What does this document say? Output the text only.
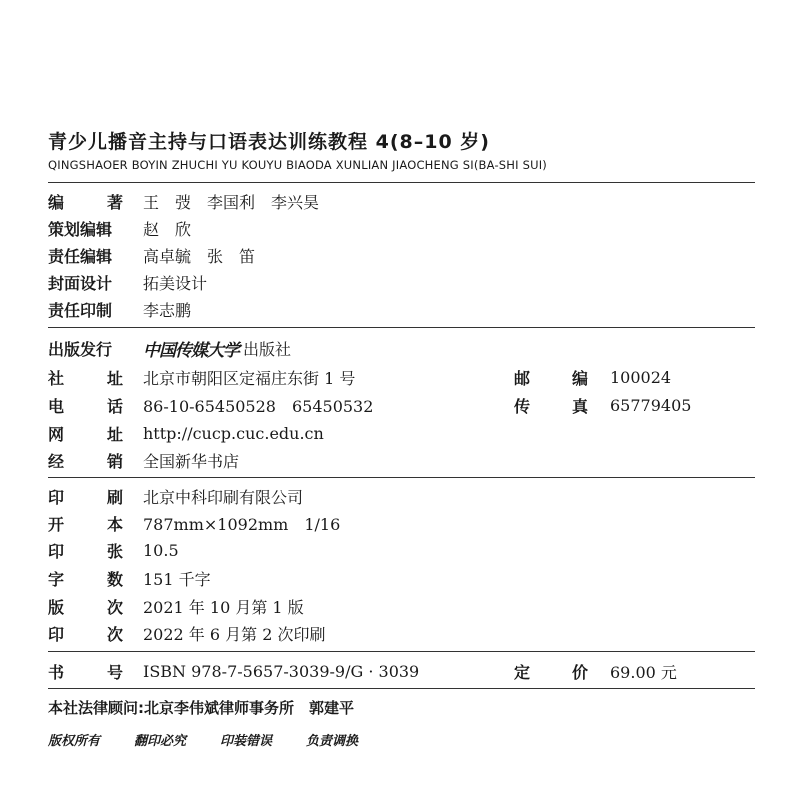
青少儿播音主持与口语表达训练教程 4(8–10 岁)
QINGSHAOER BOYIN ZHUCHI YU KOUYU BIAODA XUNLIAN JIAOCHENG SI(BA-SHI SUI)
编	著 王　弢　李国利　李兴昊
策划编辑	赵　欣
责任编辑	高卓毓　张　笛
封面设计	拓美设计
责任印制	李志鹏
出版发行	中国传媒大学 出版社
社	址 北京市朝阳区定福庄东街 1 号	邮	编 100024
电	话 86-10-65450528　65450532	传	真 65779405
网	址 http://cucp.cuc.edu.cn
经	销 全国新华书店
印	刷 北京中科印刷有限公司
开	本 787mm×1092mm　1/16
印	张 10.5
字	数 151 千字
版	次 2021 年 10 月第 1 版
印	次 2022 年 6 月第 2 次印刷
书	号 ISBN 978-7-5657-3039-9/G · 3039	定	价 69.00 元
本社法律顾问:北京李伟斌律师事务所　郭建平
版权所有	翻印必究	印装错误	负责调换
